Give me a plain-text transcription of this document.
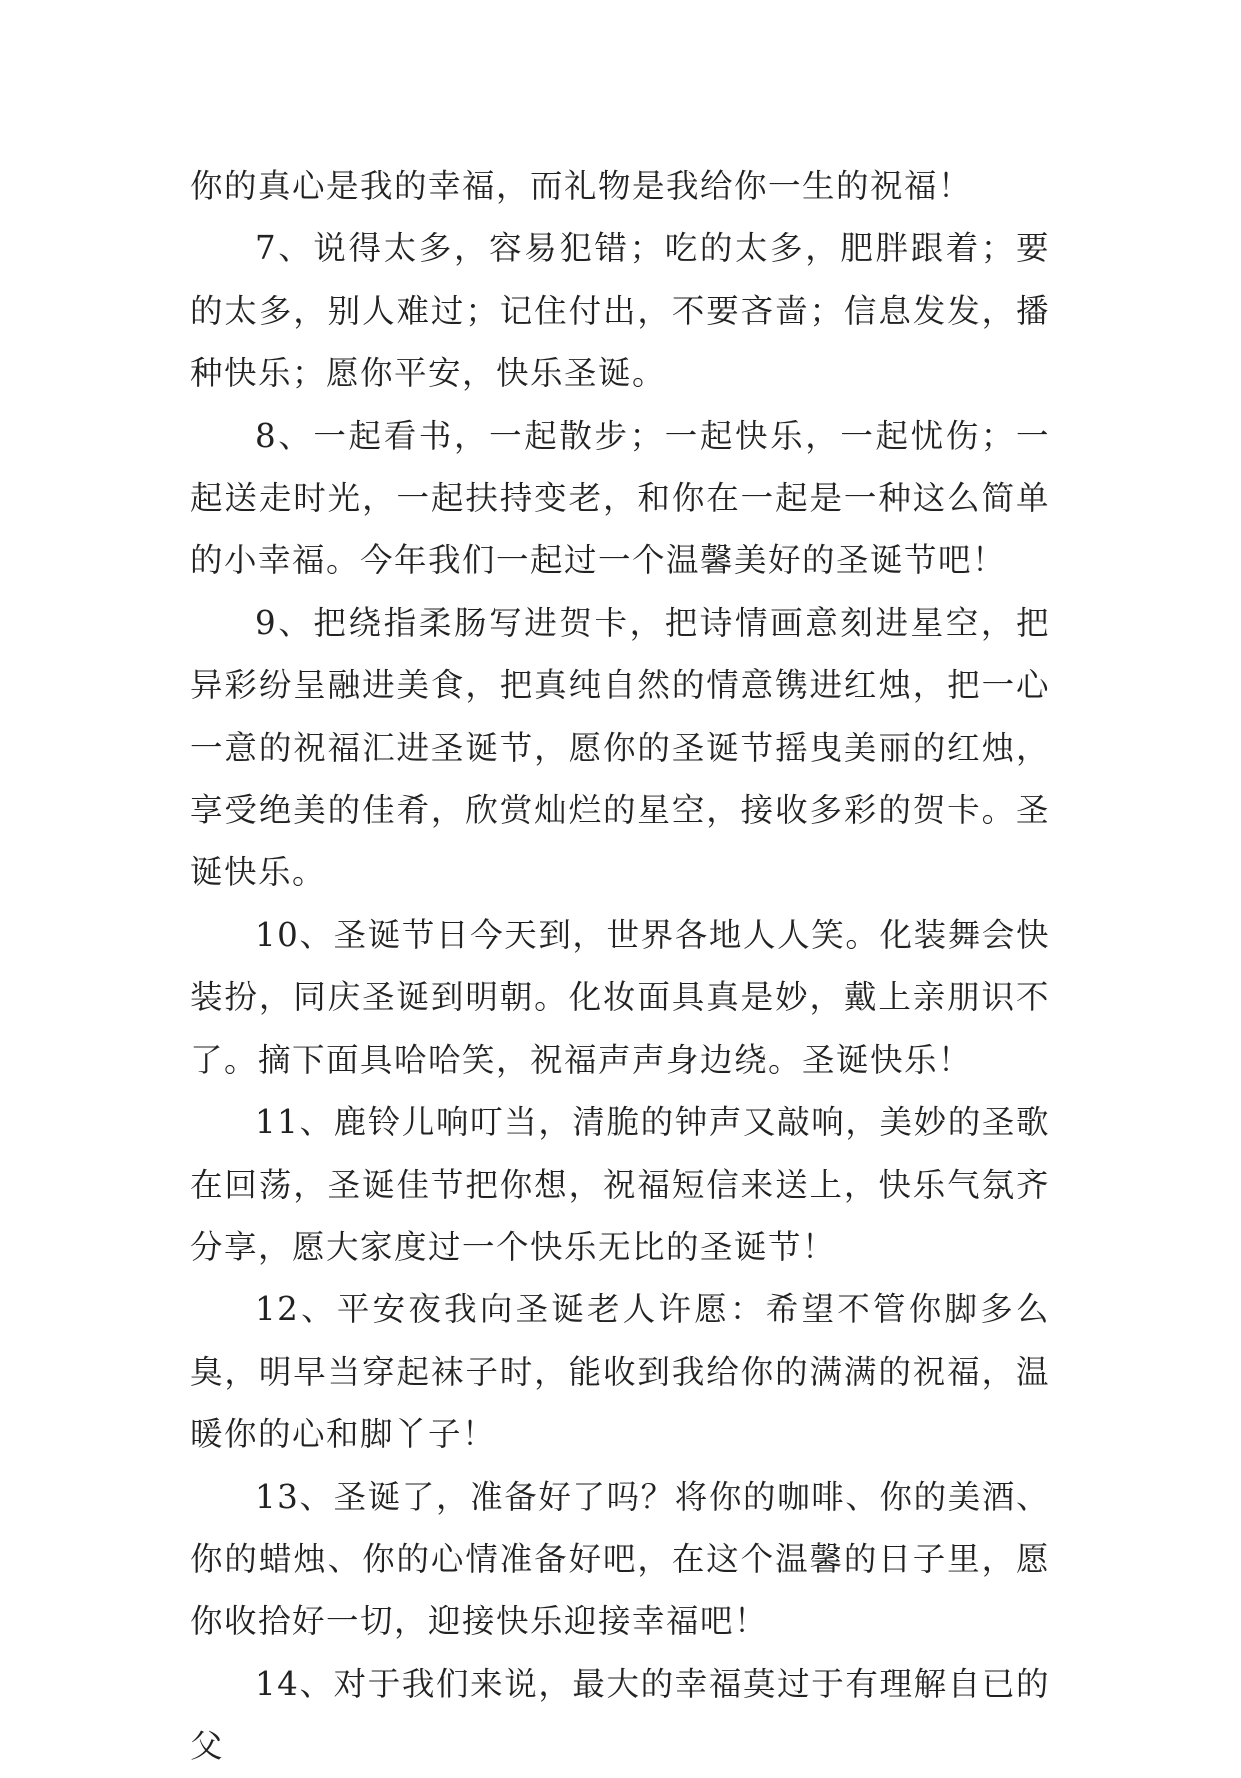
你的真心是我的幸福，而礼物是我给你一生的祝福！

7、说得太多，容易犯错；吃的太多，肥胖跟着；要的太多，别人难过；记住付出，不要吝啬；信息发发，播种快乐；愿你平安，快乐圣诞。

8、一起看书，一起散步；一起快乐，一起忧伤；一起送走时光，一起扶持变老，和你在一起是一种这么简单的小幸福。今年我们一起过一个温馨美好的圣诞节吧！

9、把绕指柔肠写进贺卡，把诗情画意刻进星空，把异彩纷呈融进美食，把真纯自然的情意镌进红烛，把一心一意的祝福汇进圣诞节，愿你的圣诞节摇曳美丽的红烛，享受绝美的佳肴，欣赏灿烂的星空，接收多彩的贺卡。圣诞快乐。

10、圣诞节日今天到，世界各地人人笑。化装舞会快装扮，同庆圣诞到明朝。化妆面具真是妙，戴上亲朋识不了。摘下面具哈哈笑，祝福声声身边绕。圣诞快乐！

11、鹿铃儿响叮当，清脆的钟声又敲响，美妙的圣歌在回荡，圣诞佳节把你想，祝福短信来送上，快乐气氛齐分享，愿大家度过一个快乐无比的圣诞节！

12、平安夜我向圣诞老人许愿：希望不管你脚多么臭，明早当穿起袜子时，能收到我给你的满满的祝福，温暖你的心和脚丫子！

13、圣诞了，准备好了吗？将你的咖啡、你的美酒、你的蜡烛、你的心情准备好吧，在这个温馨的日子里，愿你收拾好一切，迎接快乐迎接幸福吧！

14、对于我们来说，最大的幸福莫过于有理解自已的父
